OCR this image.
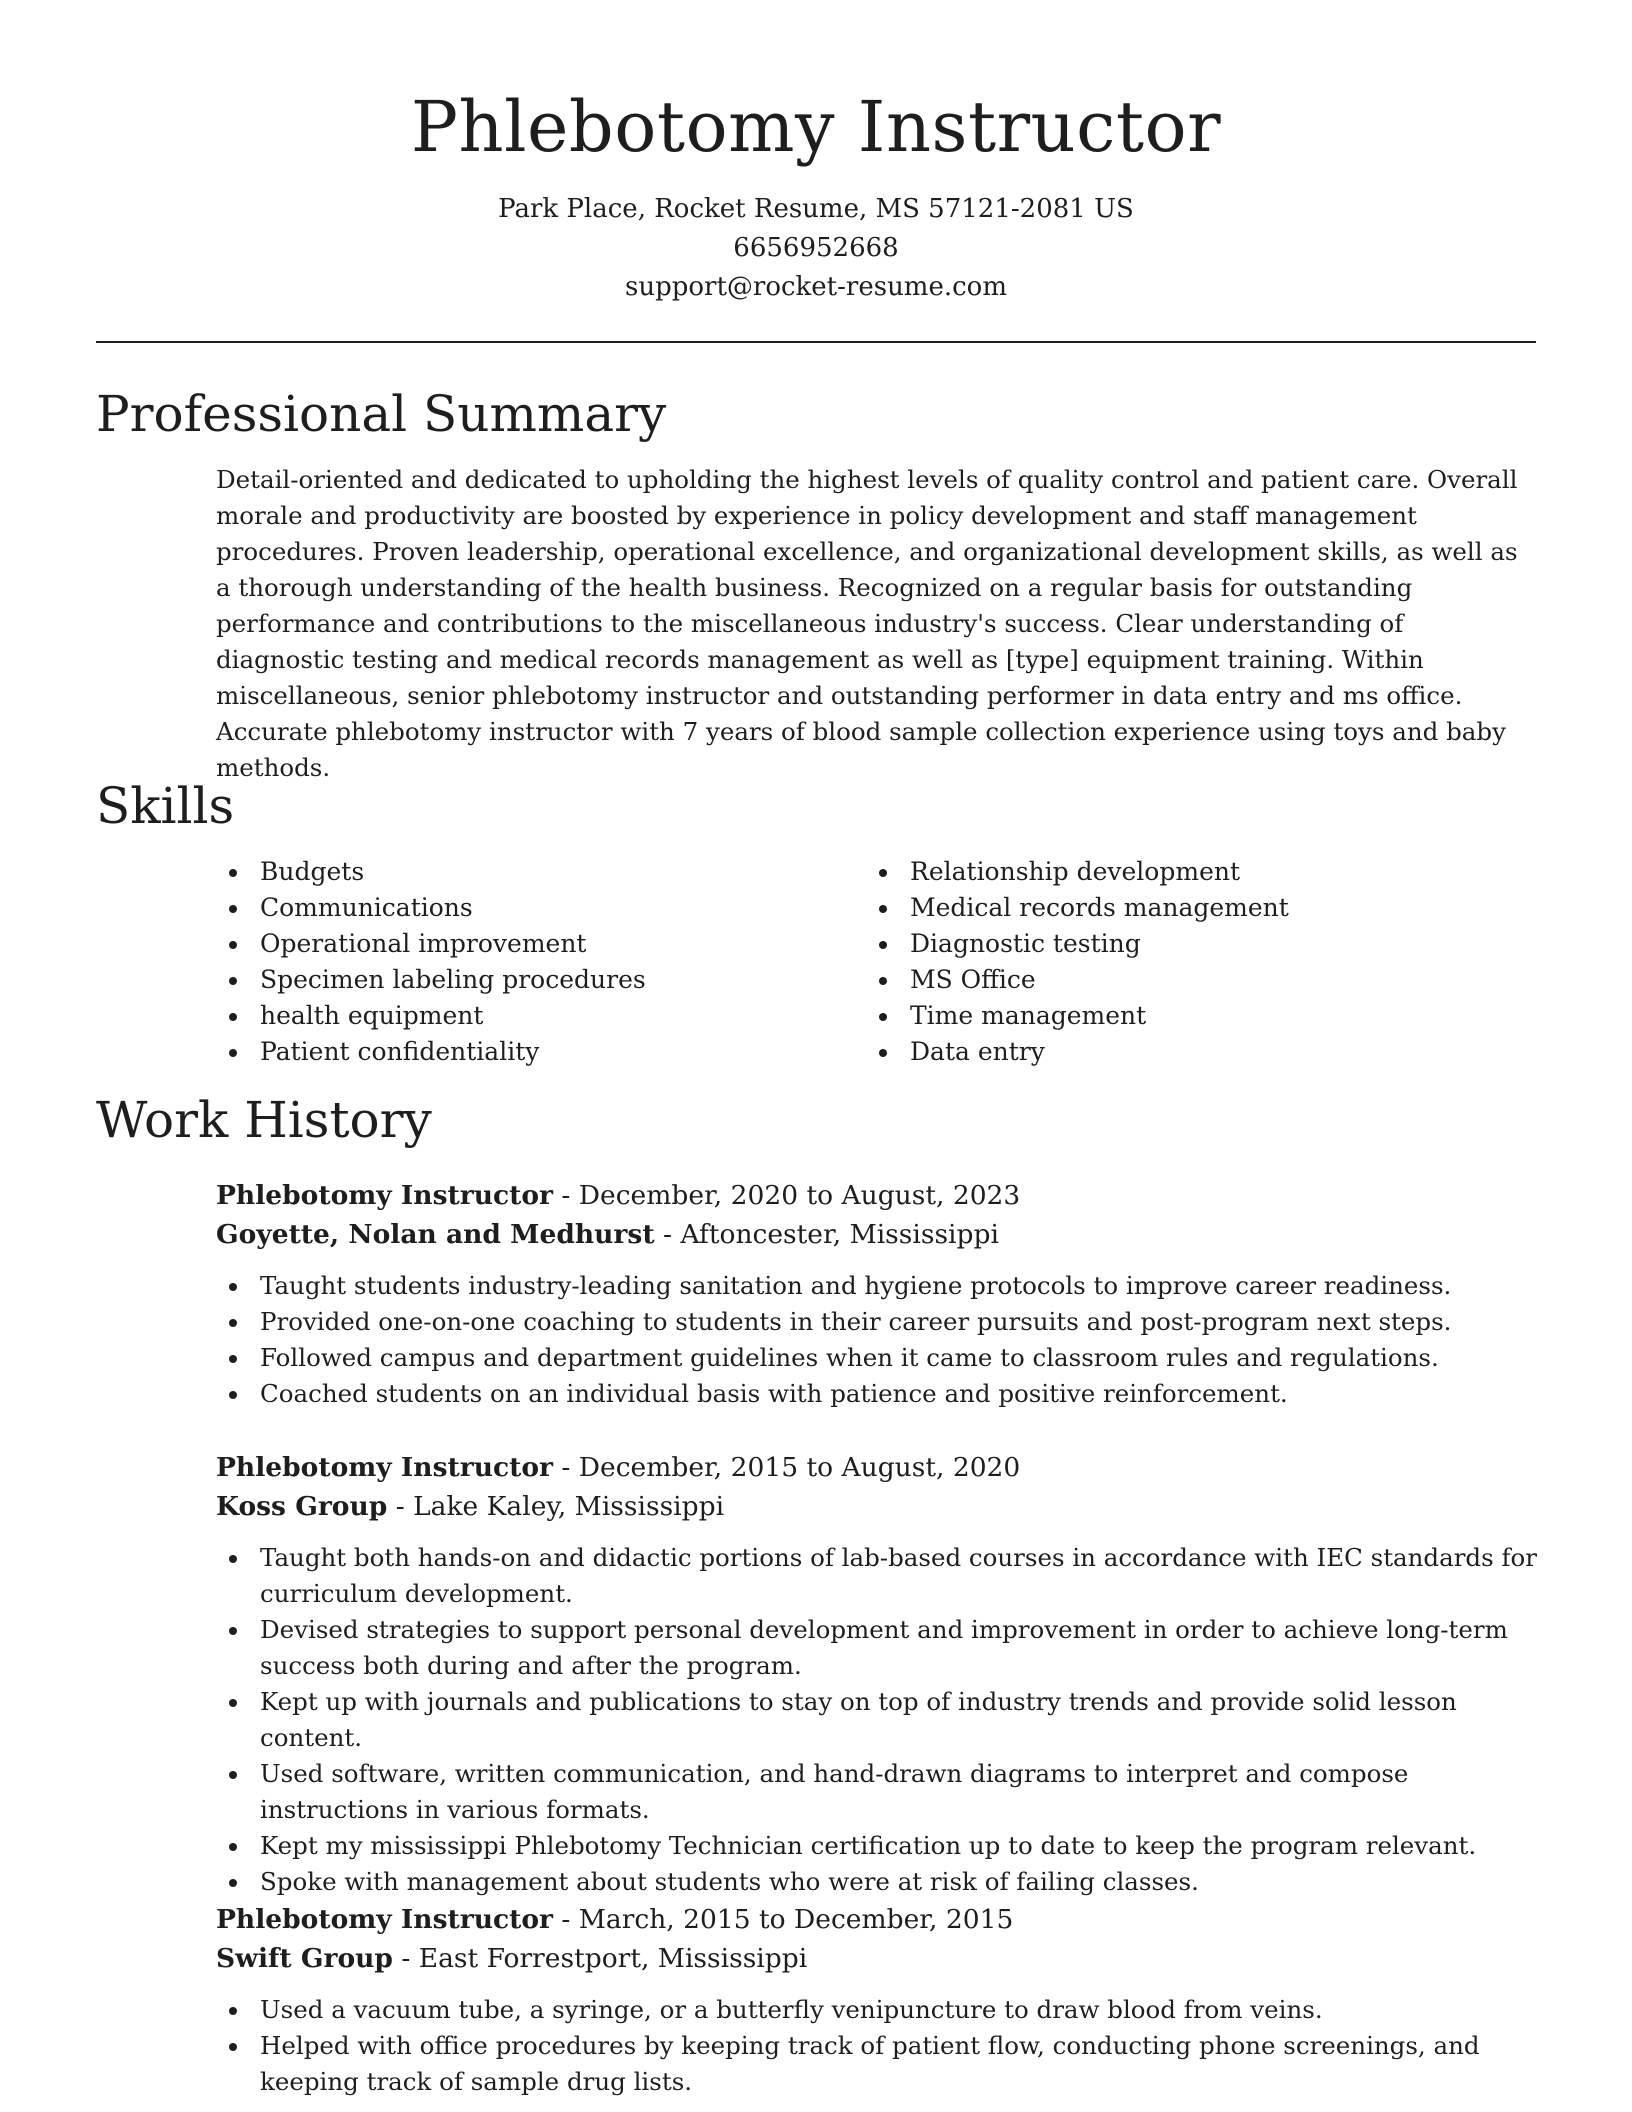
Phlebotomy Instructor
Park Place, Rocket Resume, MS 57121-2081 US
6656952668
support@rocket-resume.com
Professional Summary

Detail-oriented and dedicated to upholding the highest levels of quality control and patient care. Overall morale and productivity are boosted by experience in policy development and staff management procedures. Proven leadership, operational excellence, and organizational development skills, as well as a thorough understanding of the health business. Recognized on a regular basis for outstanding performance and contributions to the miscellaneous industry's success. Clear understanding of diagnostic testing and medical records management as well as [type] equipment training. Within miscellaneous, senior phlebotomy instructor and outstanding performer in data entry and ms office. Accurate phlebotomy instructor with 7 years of blood sample collection experience using toys and baby methods.

Skills
Budgets
Communications
Operational improvement
Specimen labeling procedures
health equipment
Patient confidentiality
Relationship development
Medical records management
Diagnostic testing
MS Office
Time management
Data entry
Work History
Phlebotomy Instructor - December, 2020 to August, 2023
Goyette, Nolan and Medhurst - Aftoncester, Mississippi
Taught students industry-leading sanitation and hygiene protocols to improve career readiness.
Provided one-on-one coaching to students in their career pursuits and post-program next steps.
Followed campus and department guidelines when it came to classroom rules and regulations.
Coached students on an individual basis with patience and positive reinforcement.
Phlebotomy Instructor - December, 2015 to August, 2020
Koss Group - Lake Kaley, Mississippi
Taught both hands-on and didactic portions of lab-based courses in accordance with IEC standards for curriculum development.
Devised strategies to support personal development and improvement in order to achieve long-term success both during and after the program.
Kept up with journals and publications to stay on top of industry trends and provide solid lesson content.
Used software, written communication, and hand-drawn diagrams to interpret and compose instructions in various formats.
Kept my mississippi Phlebotomy Technician certification up to date to keep the program relevant.
Spoke with management about students who were at risk of failing classes.
Phlebotomy Instructor - March, 2015 to December, 2015
Swift Group - East Forrestport, Mississippi
Used a vacuum tube, a syringe, or a butterfly venipuncture to draw blood from veins.
Helped with office procedures by keeping track of patient flow, conducting phone screenings, and keeping track of sample drug lists.
